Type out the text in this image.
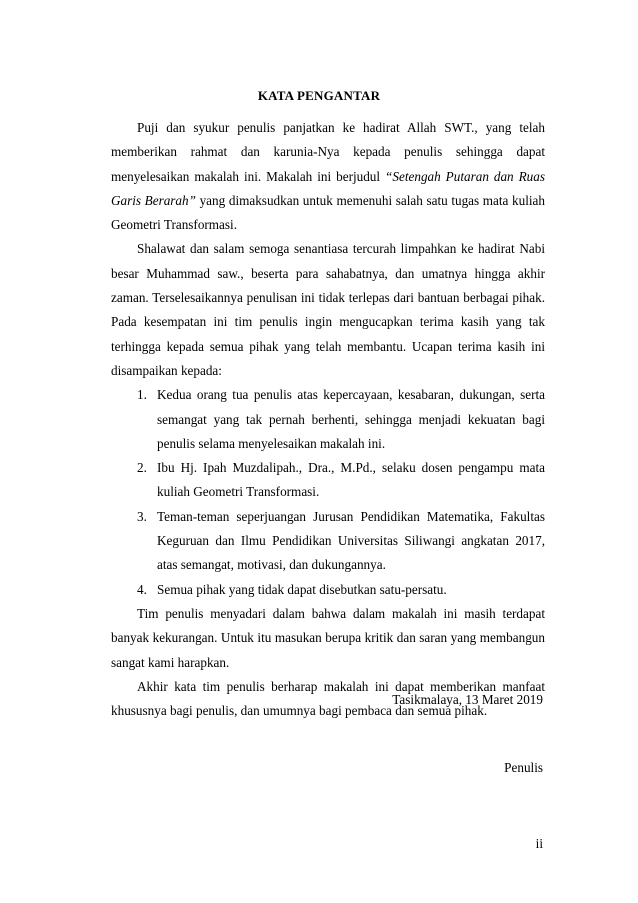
KATA PENGANTAR

Puji dan syukur penulis panjatkan ke hadirat Allah SWT., yang telah memberikan rahmat dan karunia-Nya kepada penulis sehingga dapat menyelesaikan makalah ini. Makalah ini berjudul “Setengah Putaran dan Ruas Garis Berarah” yang dimaksudkan untuk memenuhi salah satu tugas mata kuliah Geometri Transformasi.

Shalawat dan salam semoga senantiasa tercurah limpahkan ke hadirat Nabi besar Muhammad saw., beserta para sahabatnya, dan umatnya hingga akhir zaman. Terselesaikannya penulisan ini tidak terlepas dari bantuan berbagai pihak. Pada kesempatan ini tim penulis ingin mengucapkan terima kasih yang tak terhingga kepada semua pihak yang telah membantu. Ucapan terima kasih ini disampaikan kepada:

1. Kedua orang tua penulis atas kepercayaan, kesabaran, dukungan, serta semangat yang tak pernah berhenti, sehingga menjadi kekuatan bagi penulis selama menyelesaikan makalah ini.
2. Ibu Hj. Ipah Muzdalipah., Dra., M.Pd., selaku dosen pengampu mata kuliah Geometri Transformasi.
3. Teman-teman seperjuangan Jurusan Pendidikan Matematika, Fakultas Keguruan dan Ilmu Pendidikan Universitas Siliwangi angkatan 2017, atas semangat, motivasi, dan dukungannya.
4. Semua pihak yang tidak dapat disebutkan satu-persatu.

Tim penulis menyadari dalam bahwa dalam makalah ini masih terdapat banyak kekurangan. Untuk itu masukan berupa kritik dan saran yang membangun sangat kami harapkan.

Akhir kata tim penulis berharap makalah ini dapat memberikan manfaat khususnya bagi penulis, dan umumnya bagi pembaca dan semua pihak.

Tasikmalaya, 13 Maret 2019
Penulis
ii
